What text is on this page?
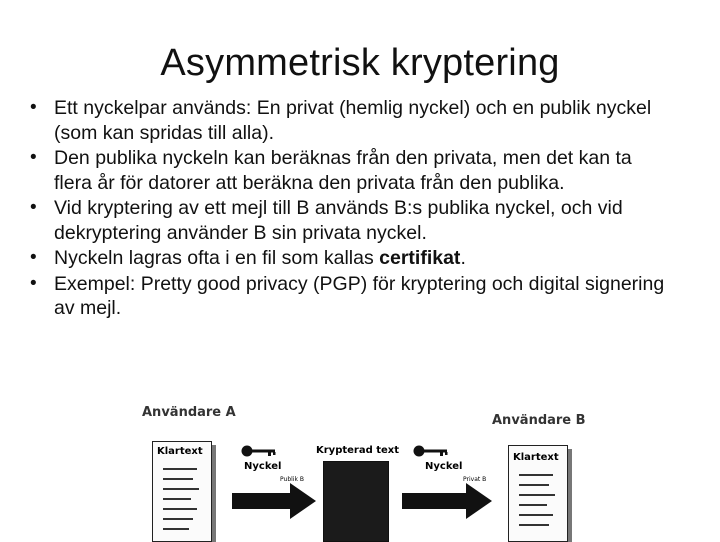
Asymmetrisk kryptering
• Ett nyckelpar används: En privat (hemlig nyckel) och en publik nyckel (som kan spridas till alla).
• Den publika nyckeln kan beräknas från den privata, men det kan ta flera år för datorer att beräkna den privata från den publika.
• Vid kryptering av ett mejl till B används B:s publika nyckel, och vid dekryptering använder B sin privata nyckel.
• Nyckeln lagras ofta i en fil som kallas certifikat.
• Exempel: Pretty good privacy (PGP) för kryptering och digital signering av mejl.
Användare A
Användare B
Klartext
Nyckel
Publik B
Krypterad text
Nyckel
Privat B
Klartext
